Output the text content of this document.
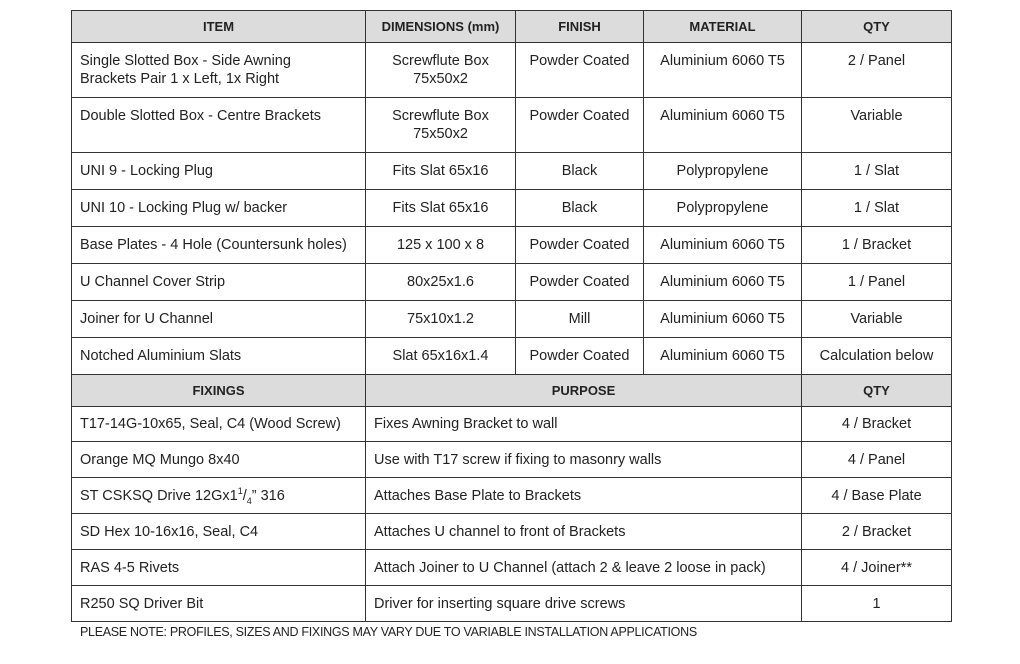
ITEM	DIMENSIONS (mm)	FINISH	MATERIAL	QTY
Single Slotted Box - Side Awning
Brackets Pair 1 x Left, 1x Right	Screwflute Box
75x50x2	Powder Coated	Aluminium 6060 T5	2 / Panel
Double Slotted Box - Centre Brackets	Screwflute Box
75x50x2	Powder Coated	Aluminium 6060 T5	Variable
UNI 9 - Locking Plug	Fits Slat 65x16	Black	Polypropylene	1 / Slat
UNI 10 - Locking Plug w/ backer	Fits Slat 65x16	Black	Polypropylene	1 / Slat
Base Plates - 4 Hole (Countersunk holes)	125 x 100 x 8	Powder Coated	Aluminium 6060 T5	1 / Bracket
U Channel Cover Strip	80x25x1.6	Powder Coated	Aluminium 6060 T5	1 / Panel
Joiner for U Channel	75x10x1.2	Mill	Aluminium 6060 T5	Variable
Notched Aluminium Slats	Slat 65x16x1.4	Powder Coated	Aluminium 6060 T5	Calculation below
FIXINGS	PURPOSE			QTY
T17-14G-10x65, Seal, C4 (Wood Screw)	Fixes Awning Bracket to wall			4 / Bracket
Orange MQ Mungo 8x40	Use with T17 screw if fixing to masonry walls			4 / Panel
ST CSKSQ Drive $12Gx1^1/_4$” 316	Attaches Base Plate to Brackets			4 / Base Plate
SD Hex 10-16x16, Seal, C4	Attaches U channel to front of Brackets			2 / Bracket
RAS 4-5 Rivets	Attach Joiner to U Channel (attach 2 & leave 2 loose in pack)			4 / Joiner**
R250 SQ Driver Bit	Driver for inserting square drive screws			1
PLEASE NOTE: PROFILES, SIZES AND FIXINGS MAY VARY DUE TO VARIABLE INSTALLATION APPLICATIONS
